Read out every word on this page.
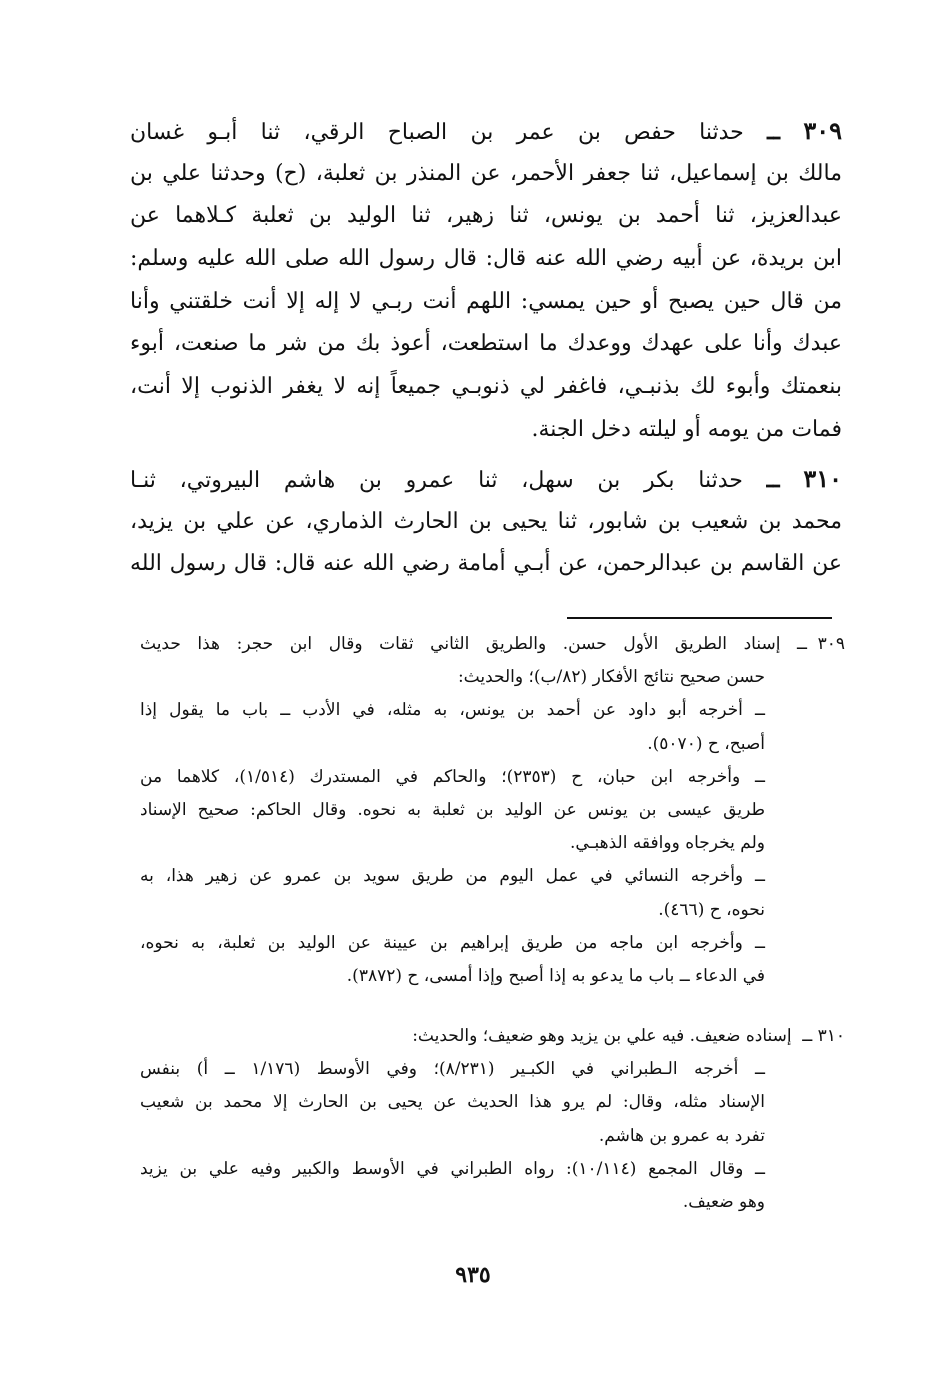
٣٠٩ ــ حدثنا حفص بن عمر بن الصباح الرقي، ثنا أبـو غسان
مالك بن إسماعيل، ثنا جعفر الأحمر، عن المنذر بن ثعلبة، (ح) وحدثنا علي بن
عبدالعزيز، ثنا أحمد بن يونس، ثنا زهير، ثنا الوليد بن ثعلبة كـلاهما عن
ابن بريدة، عن أبيه رضي الله عنه قال: قال رسول الله صلى الله عليه وسلم:
من قال حين يصبح أو حين يمسي: اللهم أنت ربـي لا إله إلا أنت خلقتني وأنا
عبدك وأنا على عهدك ووعدك ما استطعت، أعوذ بك من شر ما صنعت، أبوء
بنعمتك وأبوء لك بذنبـي، فاغفر لي ذنوبـي جميعاً إنه لا يغفر الذنوب إلا أنت،
فمات من يومه أو ليلته دخل الجنة.
٣١٠ ــ حدثنا بكر بن سهل، ثنا عمرو بن هاشم البيروتي، ثنـا
محمد بن شعيب بن شابور، ثنا يحيى بن الحارث الذماري، عن علي بن يزيد،
عن القاسم بن عبدالرحمن، عن أبـي أمامة رضي الله عنه قال: قال رسول الله
٣٠٩ ــ إسناد الطريق الأول حسن. والطريق الثاني ثقات وقال ابن حجر: هذا حديث
حسن صحيح نتائج الأفكار (٨٢/ب)؛ والحديث:
ــ أخرجه أبو داود عن أحمد بن يونس، به مثله، في الأدب ــ باب ما يقول إذا
أصبح، ح (٥٠٧٠).
ــ وأخرجه ابن حبان، ح (٢٣٥٣)؛ والحاكم في المستدرك (١/٥١٤)، كلاهما من
طريق عيسى بن يونس عن الوليد بن ثعلبة به نحوه. وقال الحاكم: صحيح الإسناد
ولم يخرجاه ووافقه الذهبـي.
ــ وأخرجه النسائي في عمل اليوم من طريق سويد بن عمرو عن زهير هذا، به
نحوه، ح (٤٦٦).
ــ وأخرجه ابن ماجه من طريق إبراهيم بن عيينة عن الوليد بن ثعلبة، به نحوه،
في الدعاء ــ باب ما يدعو به إذا أصبح وإذا أمسى، ح (٣٨٧٢).
٣١٠ ــ إسناده ضعيف. فيه علي بن يزيد وهو ضعيف؛ والحديث:
ــ أخرجه الـطبراني في الكبـير (٨/٢٣١)؛ وفي الأوسط (١/١٧٦ ــ أ) بنفس
الإسناد مثله، وقال: لم يرو هذا الحديث عن يحيى بن الحارث إلا محمد بن شعيب
تفرد به عمرو بن هاشم.
ــ وقال المجمع (١٠/١١٤): رواه الطبراني في الأوسط والكبير وفيه علي بن يزيد
وهو ضعيف.
٩٣٥
